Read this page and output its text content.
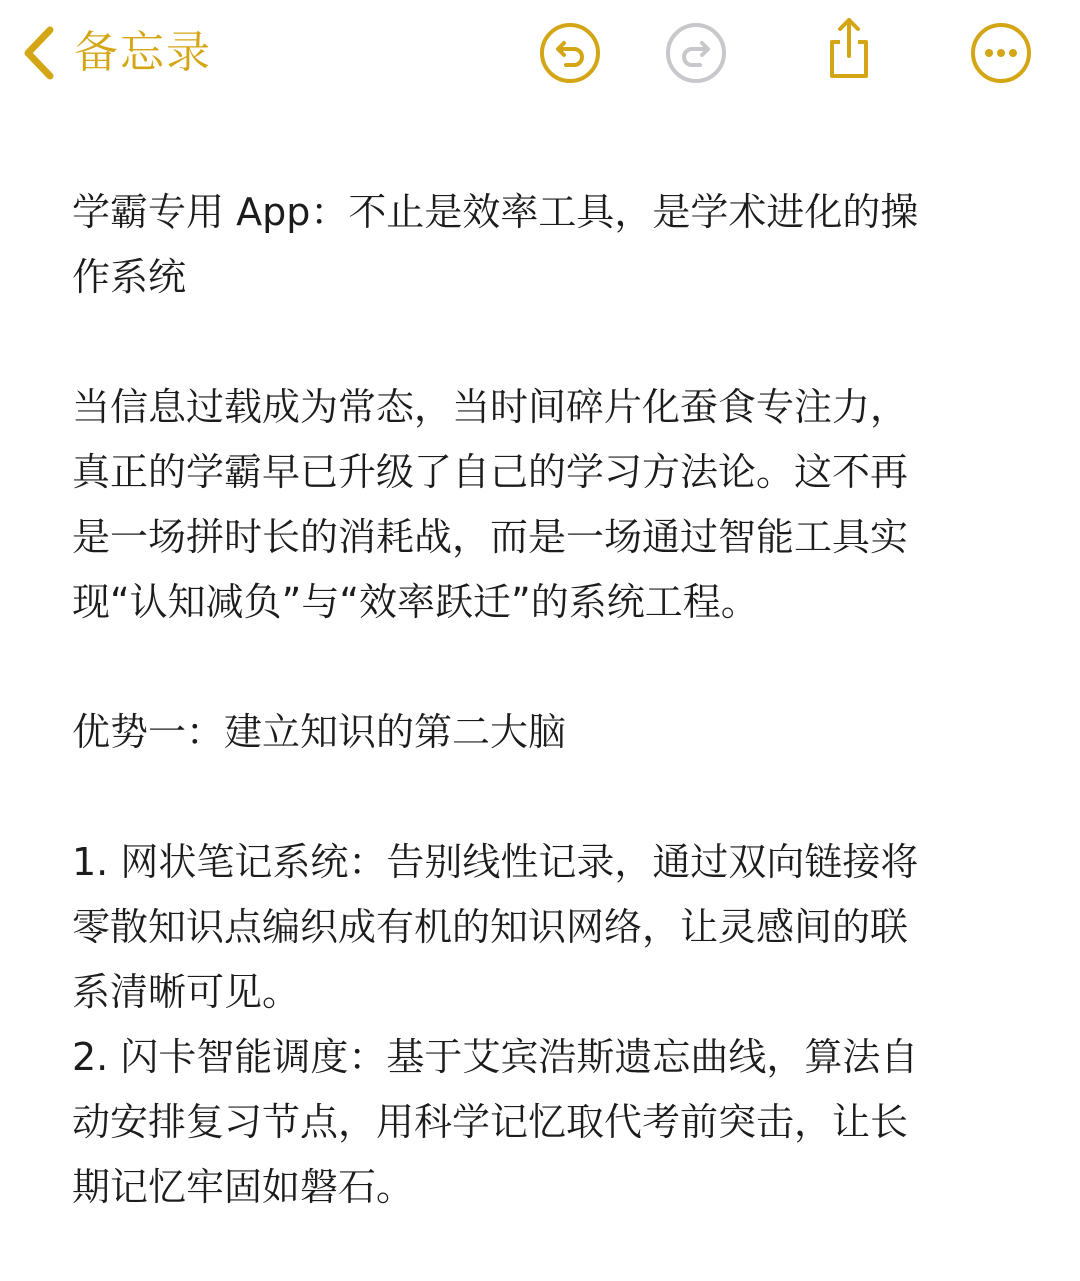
备忘录

学霸专用 App：不止是效率工具，是学术进化的操

作系统

当信息过载成为常态，当时间碎片化蚕食专注力，

真正的学霸早已升级了自己的学习方法论。这不再

是一场拼时长的消耗战，而是一场通过智能工具实

现“认知减负”与“效率跃迁”的系统工程。

优势一：建立知识的第二大脑

1. 网状笔记系统：告别线性记录，通过双向链接将

零散知识点编织成有机的知识网络，让灵感间的联

系清晰可见。

2. 闪卡智能调度：基于艾宾浩斯遗忘曲线，算法自

动安排复习节点，用科学记忆取代考前突击，让长

期记忆牢固如磐石。
